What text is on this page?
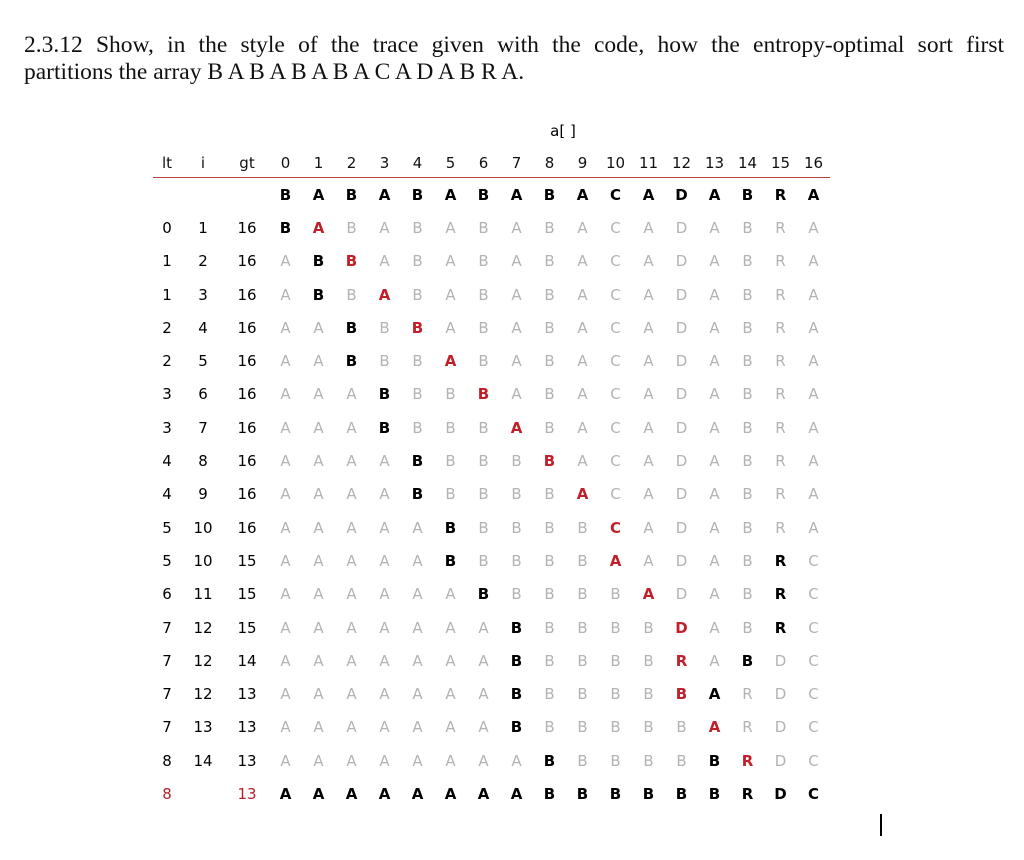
2.3.12 Show, in the style of the trace given with the code, how the entropy-optimal sort first
partitions the array B A B A B A B A C A D A B R A.
a[ ]
lt	i	gt	0	1	2	3	4	5	6	7	8	9	10	11	12	13	14	15	16
			B	A	B	A	B	A	B	A	B	A	C	A	D	A	B	R	A
0	1	16	B	A	B	A	B	A	B	A	B	A	C	A	D	A	B	R	A
1	2	16	A	B	B	A	B	A	B	A	B	A	C	A	D	A	B	R	A
1	3	16	A	B	B	A	B	A	B	A	B	A	C	A	D	A	B	R	A
2	4	16	A	A	B	B	B	A	B	A	B	A	C	A	D	A	B	R	A
2	5	16	A	A	B	B	B	A	B	A	B	A	C	A	D	A	B	R	A
3	6	16	A	A	A	B	B	B	B	A	B	A	C	A	D	A	B	R	A
3	7	16	A	A	A	B	B	B	B	A	B	A	C	A	D	A	B	R	A
4	8	16	A	A	A	A	B	B	B	B	B	A	C	A	D	A	B	R	A
4	9	16	A	A	A	A	B	B	B	B	B	A	C	A	D	A	B	R	A
5	10	16	A	A	A	A	A	B	B	B	B	B	C	A	D	A	B	R	A
5	10	15	A	A	A	A	A	B	B	B	B	B	A	A	D	A	B	R	C
6	11	15	A	A	A	A	A	A	B	B	B	B	B	A	D	A	B	R	C
7	12	15	A	A	A	A	A	A	A	B	B	B	B	B	D	A	B	R	C
7	12	14	A	A	A	A	A	A	A	B	B	B	B	B	R	A	B	D	C
7	12	13	A	A	A	A	A	A	A	B	B	B	B	B	B	A	R	D	C
7	13	13	A	A	A	A	A	A	A	B	B	B	B	B	B	A	R	D	C
8	14	13	A	A	A	A	A	A	A	A	B	B	B	B	B	B	R	D	C
8		13	A	A	A	A	A	A	A	A	B	B	B	B	B	B	R	D	C
